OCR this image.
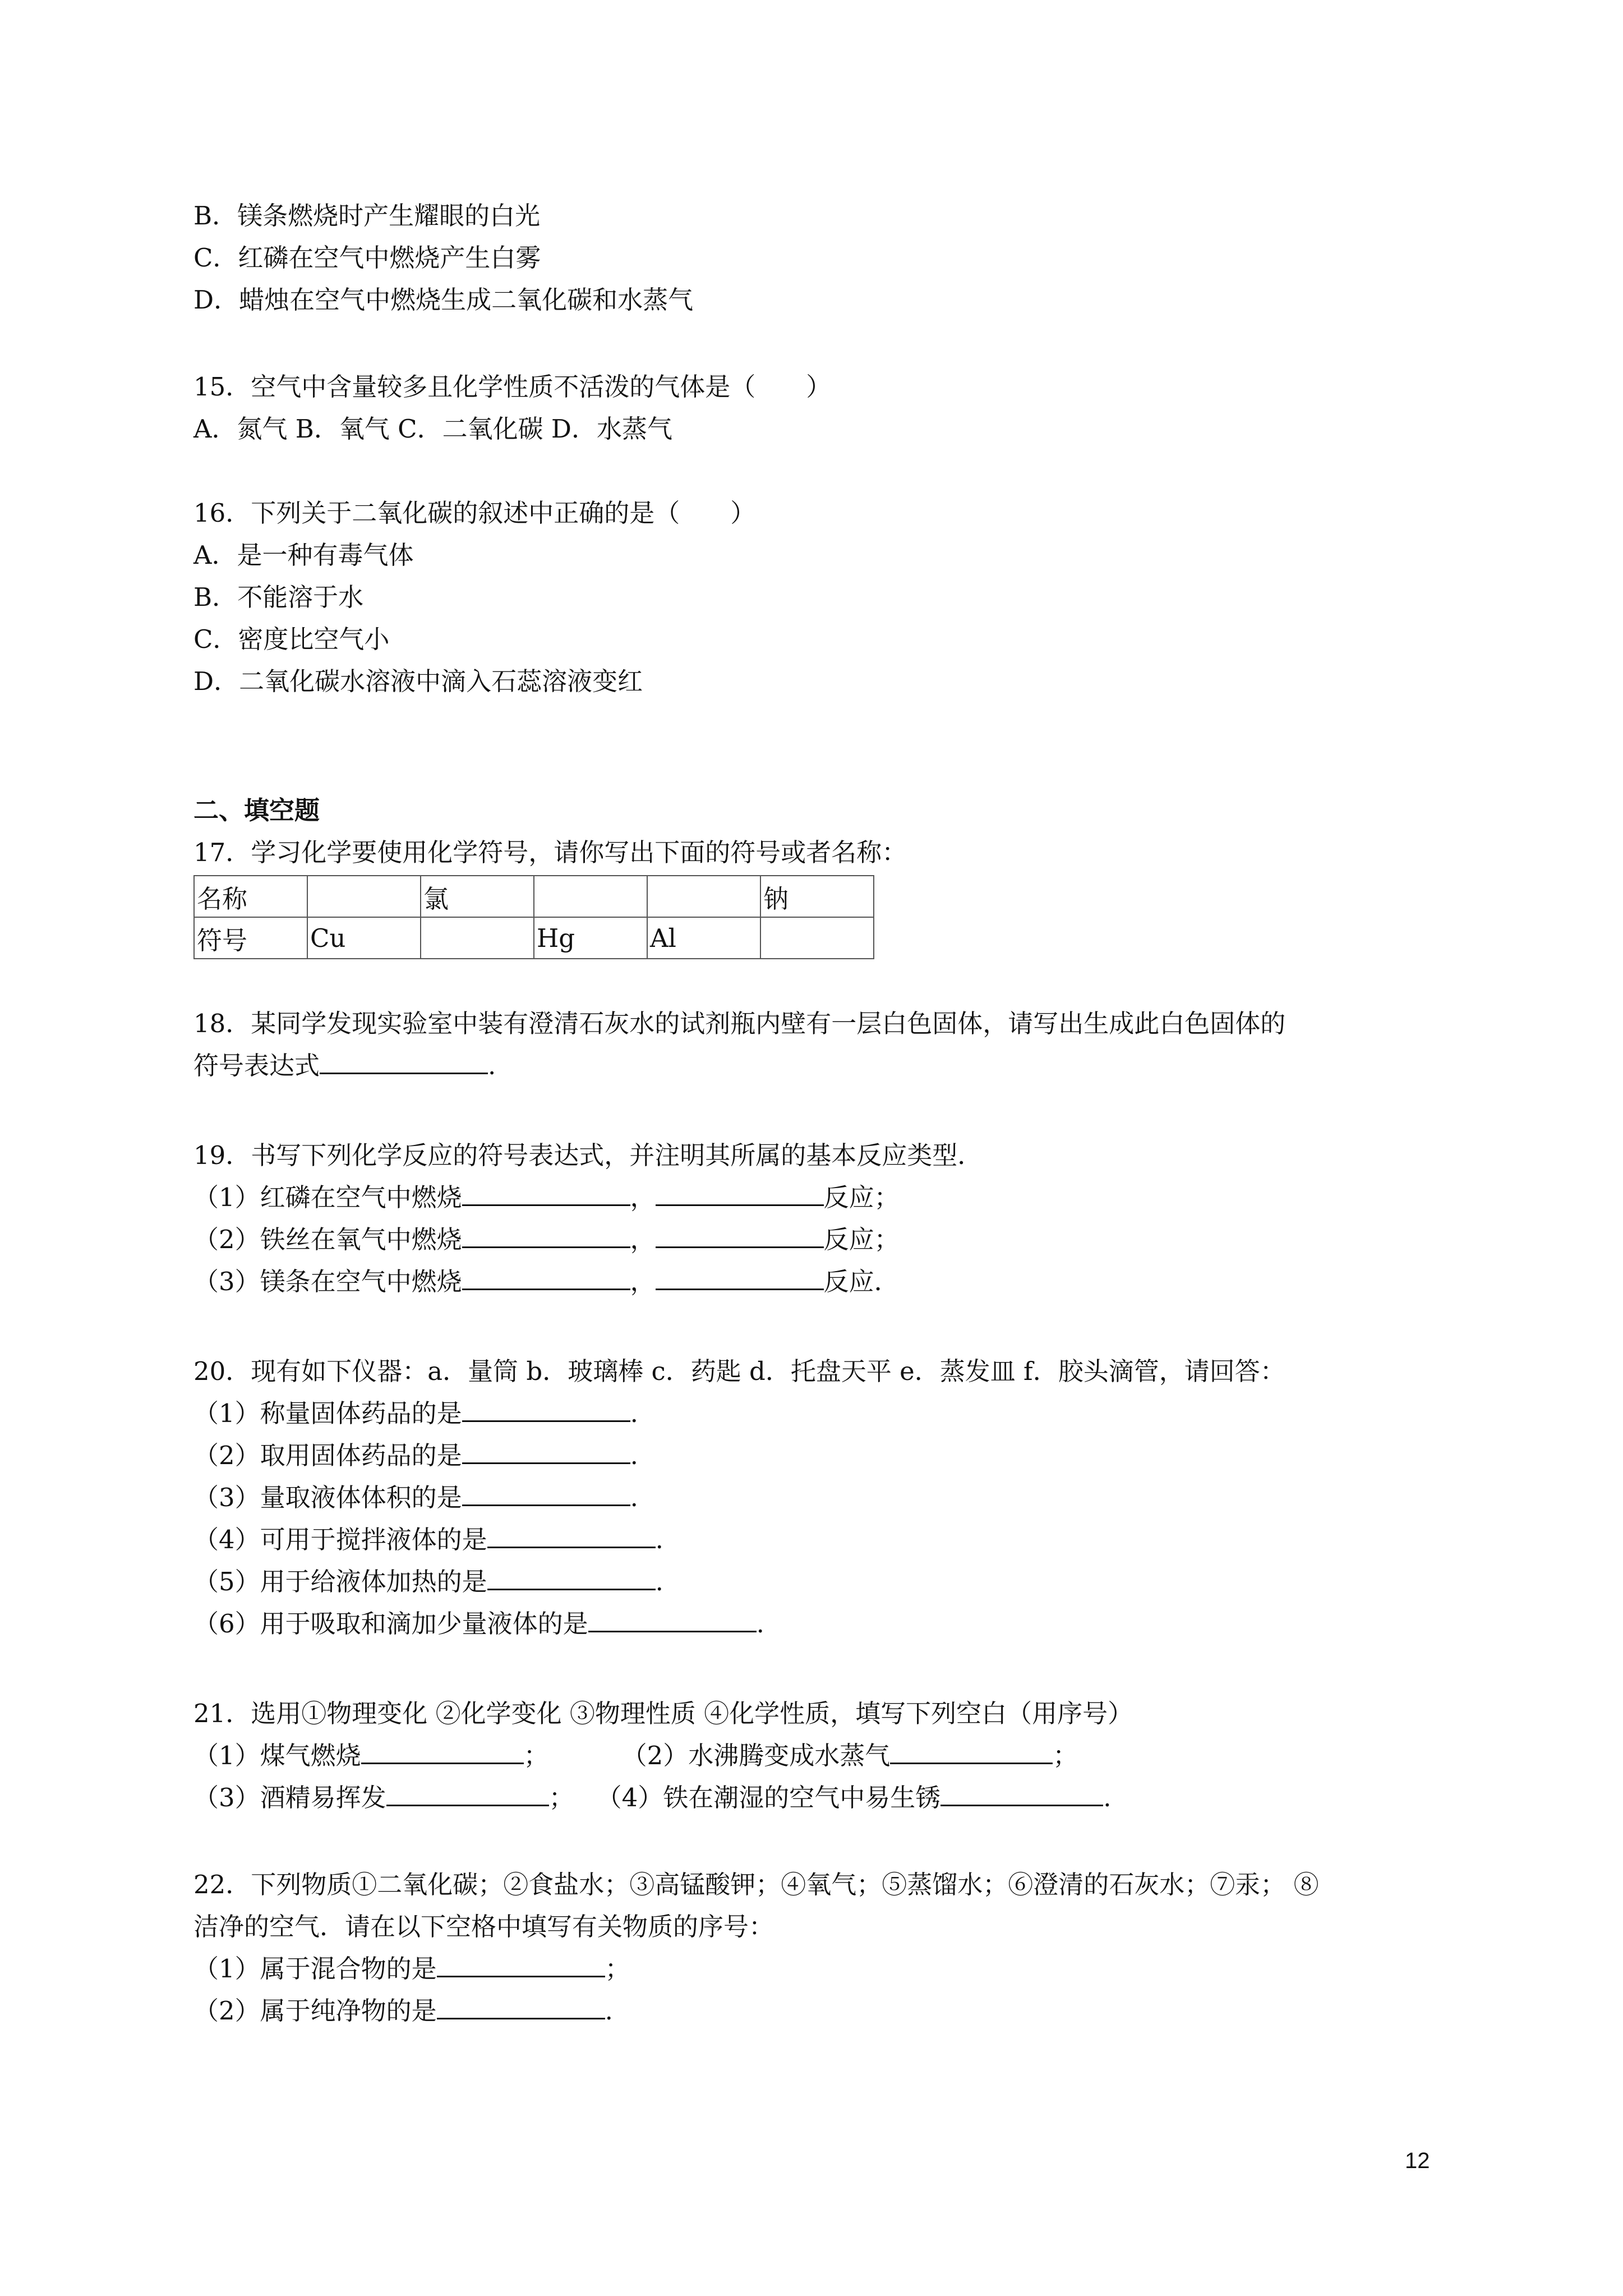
B．镁条燃烧时产生耀眼的白光
C．红磷在空气中燃烧产生白雾
D．蜡烛在空气中燃烧生成二氧化碳和水蒸气
15．空气中含量较多且化学性质不活泼的气体是（　　）
A．氮气 B．氧气 C．二氧化碳 D．水蒸气
16．下列关于二氧化碳的叙述中正确的是（　　）
A．是一种有毒气体
B．不能溶于水
C．密度比空气小
D．二氧化碳水溶液中滴入石蕊溶液变红
二、填空题
17．学习化学要使用化学符号，请你写出下面的符号或者名称：
名称		氯			钠
符号	Cu		Hg	Al	
18．某同学发现实验室中装有澄清石灰水的试剂瓶内壁有一层白色固体，请写出生成此白色固体的
符号表达式	.
19．书写下列化学反应的符号表达式，并注明其所属的基本反应类型．
（1）红磷在空气中燃烧	，	反应；
（2）铁丝在氧气中燃烧	，	反应；
（3）镁条在空气中燃烧	，	反应．
20．现有如下仪器：a．量筒 b．玻璃棒 c．药匙 d．托盘天平 e．蒸发皿 f．胶头滴管，请回答：
（1）称量固体药品的是	.
（2）取用固体药品的是	.
（3）量取液体体积的是	.
（4）可用于搅拌液体的是	.
（5）用于给液体加热的是	.
（6）用于吸取和滴加少量液体的是	.
21．选用①物理变化 ②化学变化 ③物理性质 ④化学性质，填写下列空白（用序号）
（1）煤气燃烧	；	（2）水沸腾变成水蒸气	；
（3）酒精易挥发	； （4）铁在潮湿的空气中易生锈	.
22．下列物质①二氧化碳；②食盐水；③高锰酸钾；④氧气；⑤蒸馏水；⑥澄清的石灰水；⑦汞； ⑧
洁净的空气．请在以下空格中填写有关物质的序号：
（1）属于混合物的是	；
（2）属于纯净物的是	.
12
